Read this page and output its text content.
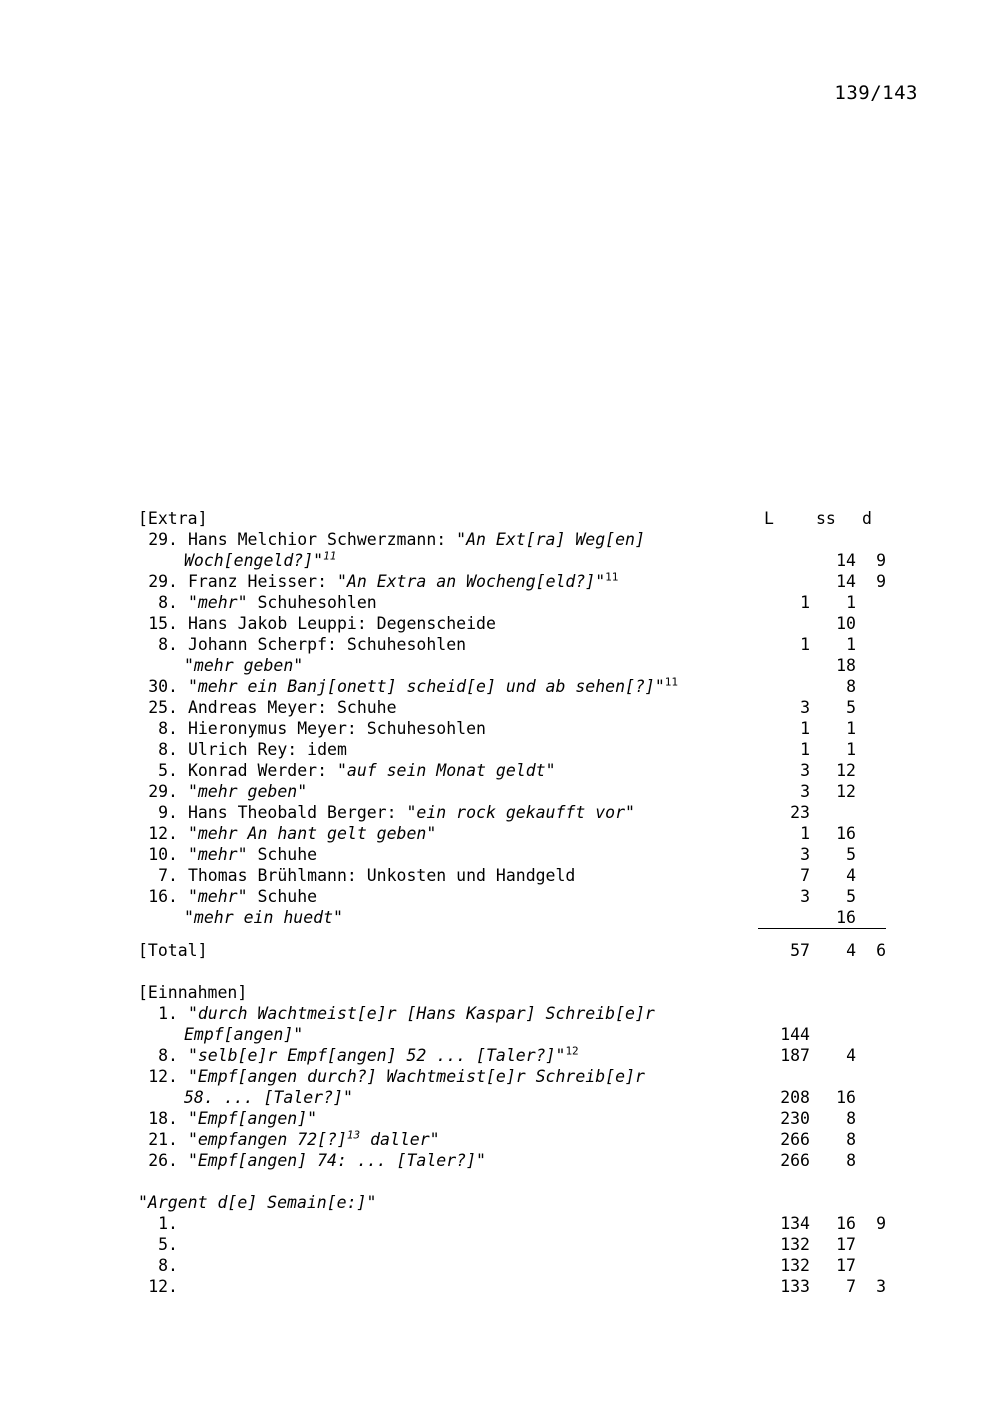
139/143
[Extra]	L	ss	d
29. Hans Melchior Schwerzmann: "An Ext[ra] Weg[en]
Woch[engeld?]"$^{11}$		14	9
29. Franz Heisser: "An Extra an Wocheng[eld?]"$^{11}$		14	9
8. "mehr" Schuhesohlen	1	1	
15. Hans Jakob Leuppi: Degenscheide		10	
8. Johann Scherpf: Schuhesohlen	1	1	

"mehr geben"		18	
30. "mehr ein Banj[onett] scheid[e] und ab sehen[?]"$^{11}$		8	
25. Andreas Meyer: Schuhe	3	5	
8. Hieronymus Meyer: Schuhesohlen	1	1	
8. Ulrich Rey: idem	1	1	
5. Konrad Werder: "auf sein Monat geldt"	3	12	
29. "mehr geben"	3	12	
9. Hans Theobald Berger: "ein rock gekaufft vor"	23		
12. "mehr An hant gelt geben"	1	16	
10. "mehr" Schuhe	3	5	
7. Thomas Brühlmann: Unkosten und Handgeld	7	4	
16. "mehr" Schuhe	3	5	

"mehr ein huedt"		16	

[Total]	57	4	6

[Einnahmen]			
1. "durch Wachtmeist[e]r [Hans Kaspar] Schreib[e]r
Empf[angen]"	144		
8. "selb[e]r Empf[angen] 52 ... [Taler?]"$^{12}$	187	4	
12. "Empf[angen durch?] Wachtmeist[e]r Schreib[e]r
58. ... [Taler?]"	208	16	
18. "Empf[angen]"	230	8	
21. "empfangen 72[?]$^{13}$ daller"	266	8	
26. "Empf[angen] 74: ... [Taler?]"	266	8	

"Argent d[e] Semain[e:]"			
1.	134	16	9
5.	132	17	
8.	132	17	
12.	133	7	3
